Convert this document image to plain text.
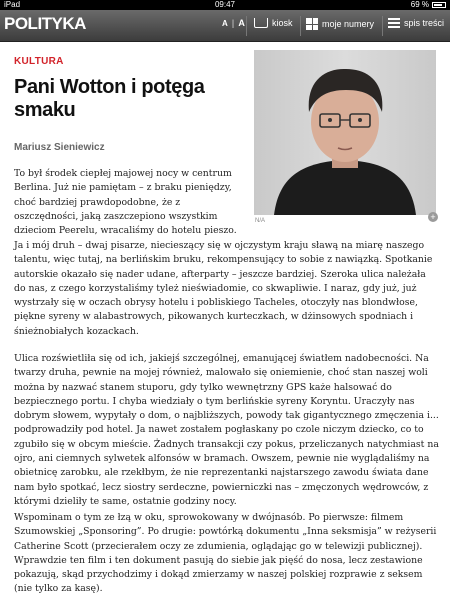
iPad	09:47	69 %
POLITYKA	A | A	kiosk	moje numery	spis treści
KULTURA
Pani Wotton i potęga smaku
Mariusz Sieniewicz
N/A	+
To był środek ciepłej majowej nocy w centrum Berlina. Już nie pamiętam – z braku pieniędzy, choć bardziej prawdopodobne, że z oszczędności, jaką zaszczepiono wszystkim dzieciom Peerelu, wracaliśmy do hotelu pieszo.
Ja i mój druh – dwaj pisarze, niecieszący się w ojczystym kraju sławą na miarę naszego talentu, więc tutaj, na berlińskim bruku, rekompensujący to sobie z nawiązką. Spotkanie autorskie okazało się nader udane, afterparty – jeszcze bardziej. Szeroka ulica należała do nas, z czego korzystaliśmy tyleż nieświadomie, co skwapliwie. I naraz, gdy już, już wystrzały się w oczach obrysy hotelu i pobliskiego Tacheles, otoczyły nas blondwłose, piękne syreny w alabastrowych, pikowanych kurteczkach, w dżinsowych spodniach i śnieżnobiałych kozackach.
Ulica rozświetliła się od ich, jakiejś szczególnej, emanującej światłem nadobecności. Na twarzy druha, pewnie na mojej również, malowało się oniemienie, choć stan naszej woli można by nazwać stanem stuporu, gdy tylko wewnętrzny GPS każe halsować do bezpiecznego portu. I chyba wiedziały o tym berlińskie syreny Koryntu. Uraczyły nas dobrym słowem, wypytały o dom, o najbliższych, powody tak gigantycznego zmęczenia i... podprowadziły pod hotel. Ja nawet zostałem pogłaskany po czole niczym dziecko, co to zgubiło się w obcym mieście. Żadnych transakcji czy pokus, przeliczanych natychmiast na ojro, ani ciemnych sylwetek alfonsów w bramach. Owszem, pewnie nie wyglądaliśmy na obietnicę zarobku, ale rzekłbym, że nie reprezentanki najstarszego zawodu świata dane nam było spotkać, lecz siostry serdeczne, powierniczki nas – zmęczonych wędrowców, z którymi dzieliły te same, ostatnie godziny nocy.
Wspominam o tym ze łzą w oku, sprowokowany w dwójnasób. Po pierwsze: filmem Szumowskiej „Sponsoring”. Po drugie: powtórką dokumentu „Inna seksmisja” w reżyserii Catherine Scott (przecierałem oczy ze zdumienia, oglądając go w telewizji publicznej). Wprawdzie ten film i ten dokument pasują do siebie jak pięść do nosa, lecz zestawione pokazują, skąd przychodzimy i dokąd zmierzamy w naszej polskiej rozprawie z seksem (nie tylko za kasę).
